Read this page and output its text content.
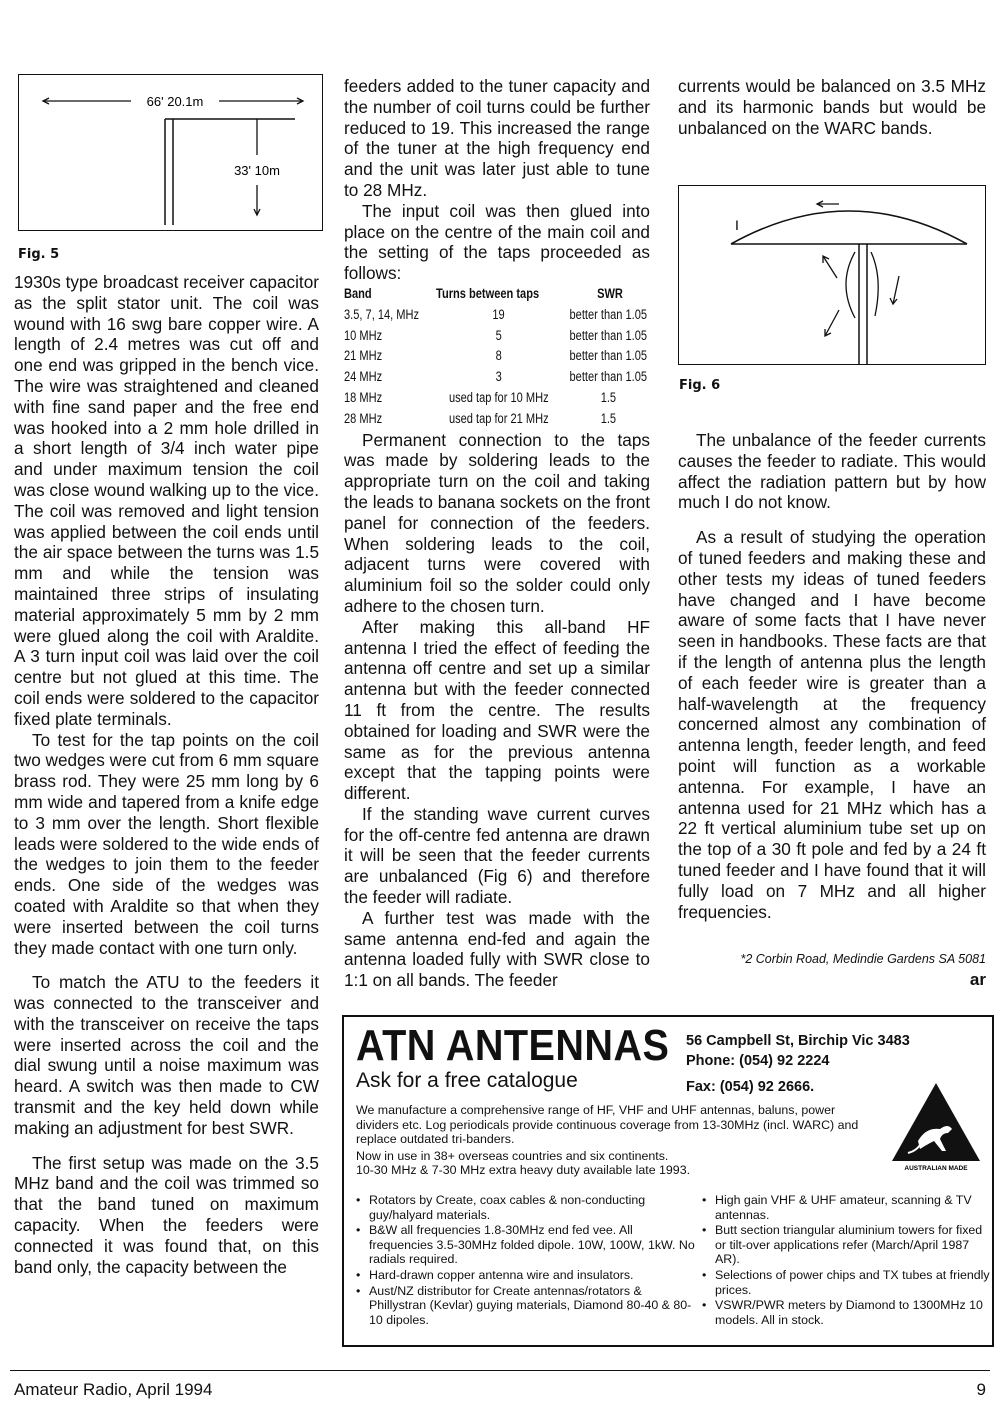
66' 20.1m
33' 10m
Fig. 5

1930s type broadcast receiver capacitor as the split stator unit. The coil was wound with 16 swg bare copper wire. A length of 2.4 metres was cut off and one end was gripped in the bench vice. The wire was straightened and cleaned with fine sand paper and the free end was hooked into a 2 mm hole drilled in a short length of 3/4 inch water pipe and under maximum tension the coil was close wound walking up to the vice. The coil was removed and light tension was applied between the coil ends until the air space between the turns was 1.5 mm and while the tension was maintained three strips of insulating material approximately 5 mm by 2 mm were glued along the coil with Araldite. A 3 turn input coil was laid over the coil centre but not glued at this time. The coil ends were soldered to the capacitor fixed plate terminals.

To test for the tap points on the coil two wedges were cut from 6 mm square brass rod. They were 25 mm long by 6 mm wide and tapered from a knife edge to 3 mm over the length. Short flexible leads were soldered to the wide ends of the wedges to join them to the feeder ends. One side of the wedges was coated with Araldite so that when they were inserted between the coil turns they made contact with one turn only.

To match the ATU to the feeders it was connected to the transceiver and with the transceiver on receive the taps were inserted across the coil and the dial swung until a noise maximum was heard. A switch was then made to CW transmit and the key held down while making an adjustment for best SWR.

The first setup was made on the 3.5 MHz band and the coil was trimmed so that the band tuned on maximum capacity. When the feeders were connected it was found that, on this band only, the capacity between the

feeders added to the tuner capacity and the number of coil turns could be further reduced to 19. This increased the range of the tuner at the high frequency end and the unit was later just able to tune to 28 MHz.

The input coil was then glued into place on the centre of the main coil and the setting of the taps proceeded as follows:

Band	Turns between taps	SWR
3.5, 7, 14, MHz	19	better than 1.05
10 MHz	5	better than 1.05
21 MHz	8	better than 1.05
24 MHz	3	better than 1.05
18 MHz	used tap for 10 MHz	1.5
28 MHz	used tap for 21 MHz	1.5

Permanent connection to the taps was made by soldering leads to the appropriate turn on the coil and taking the leads to banana sockets on the front panel for connection of the feeders. When soldering leads to the coil, adjacent turns were covered with aluminium foil so the solder could only adhere to the chosen turn.

After making this all-band HF antenna I tried the effect of feeding the antenna off centre and set up a similar antenna but with the feeder connected 11 ft from the centre. The results obtained for loading and SWR were the same as for the previous antenna except that the tapping points were different.

If the standing wave current curves for the off-centre fed antenna are drawn it will be seen that the feeder currents are unbalanced (Fig 6) and therefore the feeder will radiate.

A further test was made with the same antenna end-fed and again the antenna loaded fully with SWR close to 1:1 on all bands. The feeder

currents would be balanced on 3.5 MHz and its harmonic bands but would be unbalanced on the WARC bands.

I
Fig. 6

The unbalance of the feeder currents causes the feeder to radiate. This would affect the radiation pattern but by how much I do not know.

As a result of studying the operation of tuned feeders and making these and other tests my ideas of tuned feeders have changed and I have become aware of some facts that I have never seen in handbooks. These facts are that if the length of antenna plus the length of each feeder wire is greater than a half-wavelength at the frequency concerned almost any combination of antenna length, feeder length, and feed point will function as a workable antenna. For example, I have an antenna used for 21 MHz which has a 22 ft vertical aluminium tube set up on the top of a 30 ft pole and fed by a 24 ft tuned feeder and I have found that it will fully load on 7 MHz and all higher frequencies.

*2 Corbin Road, Medindie Gardens SA 5081
ar
ATN ANTENNAS 56 Campbell St, Birchip Vic 3483
Phone: (054) 92 2224
Fax: (054) 92 2666.
Ask for a free catalogue

We manufacture a comprehensive range of HF, VHF and UHF antennas, baluns, power dividers etc. Log periodicals provide continuous coverage from 13-30MHz (incl. WARC) and replace outdated tri-banders.

Now in use in 38+ overseas countries and six continents.

10-30 MHz & 7-30 MHz extra heavy duty available late 1993.	AUSTRALIAN MADE
• Rotators by Create, coax cables & non-conducting guy/halyard materials.
• B&W all frequencies 1.8-30MHz end fed vee. All frequencies 3.5-30MHz folded dipole. 10W, 100W, 1kW. No radials required.
• Hard-drawn copper antenna wire and insulators.
• Aust/NZ distributor for Create antennas/rotators & Phillystran (Kevlar) guying materials, Diamond 80-40 & 80-10 dipoles.
• High gain VHF & UHF amateur, scanning & TV antennas.
• Butt section triangular aluminium towers for fixed or tilt-over applications refer (March/April 1987 AR).
• Selections of power chips and TX tubes at friendly prices.
• VSWR/PWR meters by Diamond to 1300MHz 10 models. All in stock.
Amateur Radio, April 1994	9
